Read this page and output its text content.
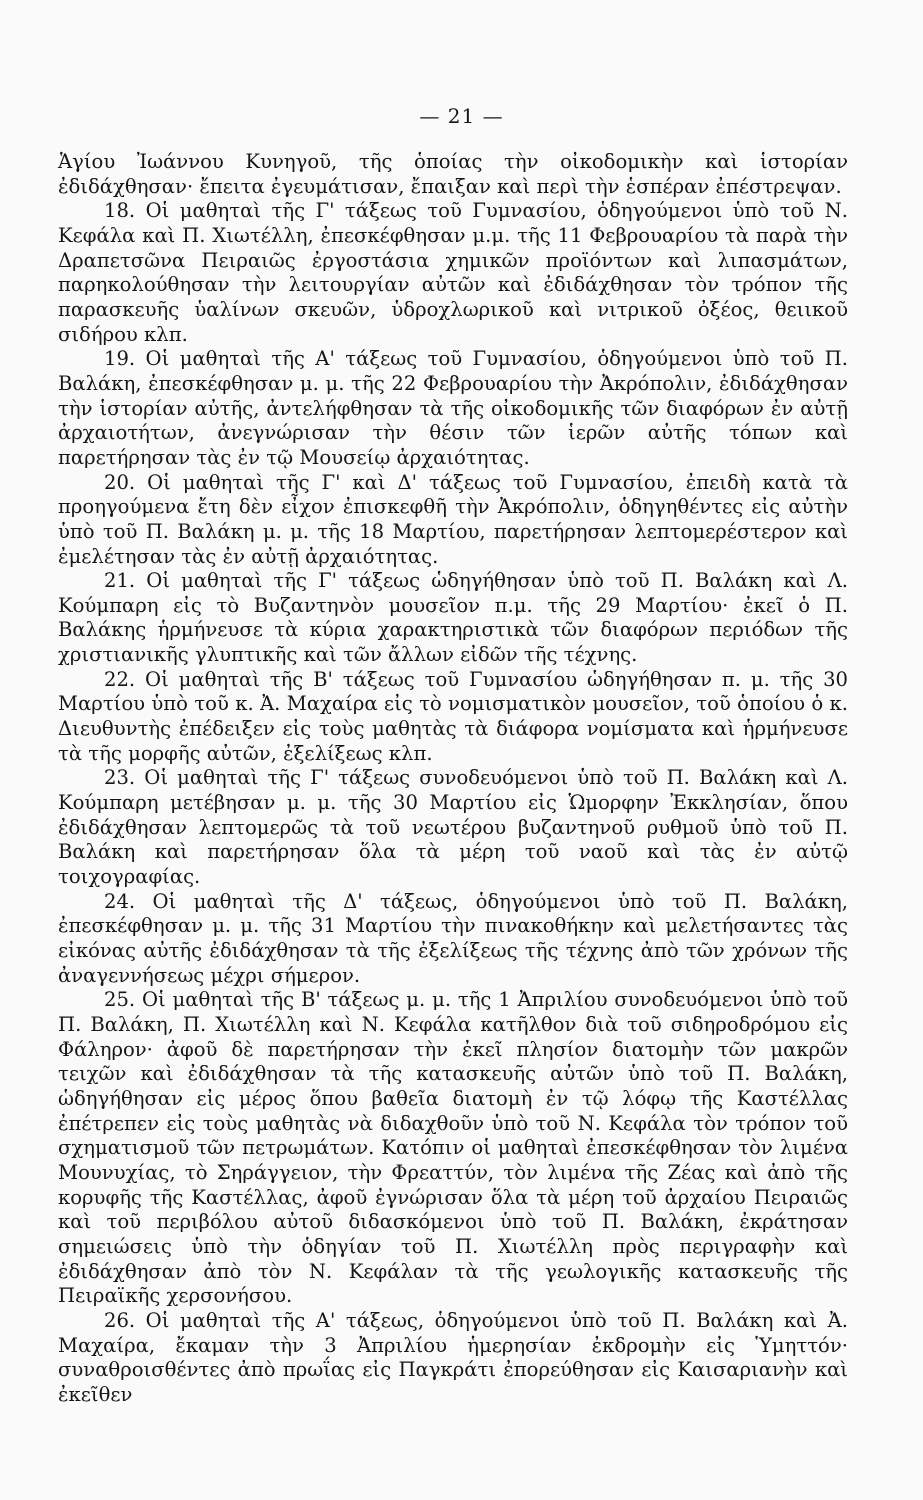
— 21 —

Ἁγίου Ἰωάννου Κυνηγοῦ, τῆς ὁποίας τὴν οἰκοδομικὴν καὶ ἱστορίαν ἐδιδάχθησαν· ἔπειτα ἐγευμάτισαν, ἔπαιξαν καὶ περὶ τὴν ἑσπέραν ἐπέστρεψαν.

18. Οἱ μαθηταὶ τῆς Γ' τάξεως τοῦ Γυμνασίου, ὁδηγούμενοι ὑπὸ τοῦ Ν. Κεφάλα καὶ Π. Χιωτέλλη, ἐπεσκέφθησαν μ.μ. τῆς 11 Φεβρουαρίου τὰ παρὰ τὴν Δραπετσῶνα Πειραιῶς ἐργοστάσια χημικῶν προϊόντων καὶ λιπασμάτων, παρηκολούθησαν τὴν λειτουργίαν αὐτῶν καὶ ἐδιδάχθησαν τὸν τρόπον τῆς παρασκευῆς ὑαλίνων σκευῶν, ὑδροχλωρικοῦ καὶ νιτρικοῦ ὀξέος, θειικοῦ σιδήρου κλπ.

19. Οἱ μαθηταὶ τῆς Α' τάξεως τοῦ Γυμνασίου, ὁδηγούμενοι ὑπὸ τοῦ Π. Βαλάκη, ἐπεσκέφθησαν μ. μ. τῆς 22 Φεβρουαρίου τὴν Ἀκρόπολιν, ἐδιδάχθησαν τὴν ἱστορίαν αὐτῆς, ἀντελήφθησαν τὰ τῆς οἰκοδομικῆς τῶν διαφόρων ἐν αὐτῇ ἀρχαιοτήτων, ἀνεγνώρισαν τὴν θέσιν τῶν ἱερῶν αὐτῆς τόπων καὶ παρετήρησαν τὰς ἐν τῷ Μουσείῳ ἀρχαιότητας.

20. Οἱ μαθηταὶ τῆς Γ' καὶ Δ' τάξεως τοῦ Γυμνασίου, ἐπειδὴ κατὰ τὰ προηγούμενα ἔτη δὲν εἶχον ἐπισκεφθῆ τὴν Ἀκρόπολιν, ὁδηγηθέντες εἰς αὐτὴν ὑπὸ τοῦ Π. Βαλάκη μ. μ. τῆς 18 Μαρτίου, παρετήρησαν λεπτομερέστερον καὶ ἐμελέτησαν τὰς ἐν αὐτῇ ἀρχαιότητας.

21. Οἱ μαθηταὶ τῆς Γ' τάξεως ὡδηγήθησαν ὑπὸ τοῦ Π. Βαλάκη καὶ Λ. Κούμπαρη εἰς τὸ Βυζαντηνὸν μουσεῖον π.μ. τῆς 29 Μαρτίου· ἐκεῖ ὁ Π. Βαλάκης ἡρμήνευσε τὰ κύρια χαρακτηριστικὰ τῶν διαφόρων περιόδων τῆς χριστιανικῆς γλυπτικῆς καὶ τῶν ἄλλων εἰδῶν τῆς τέχνης.

22. Οἱ μαθηταὶ τῆς Β' τάξεως τοῦ Γυμνασίου ὡδηγήθησαν π. μ. τῆς 30 Μαρτίου ὑπὸ τοῦ κ. Ἀ. Μαχαίρα εἰς τὸ νομισματικὸν μουσεῖον, τοῦ ὁποίου ὁ κ. Διευθυντὴς ἐπέδειξεν εἰς τοὺς μαθητὰς τὰ διάφορα νομίσματα καὶ ἡρμήνευσε τὰ τῆς μορφῆς αὐτῶν, ἐξελίξεως κλπ.

23. Οἱ μαθηταὶ τῆς Γ' τάξεως συνοδευόμενοι ὑπὸ τοῦ Π. Βαλάκη καὶ Λ. Κούμπαρη μετέβησαν μ. μ. τῆς 30 Μαρτίου εἰς Ὡμορφην Ἐκκλησίαν, ὅπου ἐδιδάχθησαν λεπτομερῶς τὰ τοῦ νεωτέρου βυζαντηνοῦ ρυθμοῦ ὑπὸ τοῦ Π. Βαλάκη καὶ παρετήρησαν ὅλα τὰ μέρη τοῦ ναοῦ καὶ τὰς ἐν αὐτῷ τοιχογραφίας.

24. Οἱ μαθηταὶ τῆς Δ' τάξεως, ὁδηγούμενοι ὑπὸ τοῦ Π. Βαλάκη, ἐπεσκέφθησαν μ. μ. τῆς 31 Μαρτίου τὴν πινακοθήκην καὶ μελετήσαντες τὰς εἰκόνας αὐτῆς ἐδιδάχθησαν τὰ τῆς ἐξελίξεως τῆς τέχνης ἀπὸ τῶν χρόνων τῆς ἀναγεννήσεως μέχρι σήμερον.

25. Οἱ μαθηταὶ τῆς Β' τάξεως μ. μ. τῆς 1 Ἀπριλίου συνοδευόμενοι ὑπὸ τοῦ Π. Βαλάκη, Π. Χιωτέλλη καὶ Ν. Κεφάλα κατῆλθον διὰ τοῦ σιδηροδρόμου εἰς Φάληρον· ἀφοῦ δὲ παρετήρησαν τὴν ἐκεῖ πλησίον διατομὴν τῶν μακρῶν τειχῶν καὶ ἐδιδάχθησαν τὰ τῆς κατασκευῆς αὐτῶν ὑπὸ τοῦ Π. Βαλάκη, ὡδηγήθησαν εἰς μέρος ὅπου βαθεῖα διατομὴ ἐν τῷ λόφῳ τῆς Καστέλλας ἐπέτρεπεν εἰς τοὺς μαθητὰς νὰ διδαχθοῦν ὑπὸ τοῦ Ν. Κεφάλα τὸν τρόπον τοῦ σχηματισμοῦ τῶν πετρωμάτων. Κατόπιν οἱ μαθηταὶ ἐπεσκέφθησαν τὸν λιμένα Μουνυχίας, τὸ Σηράγγειον, τὴν Φρεαττύν, τὸν λιμένα τῆς Ζέας καὶ ἀπὸ τῆς κορυφῆς τῆς Καστέλλας, ἀφοῦ ἐγνώρισαν ὅλα τὰ μέρη τοῦ ἀρχαίου Πειραιῶς καὶ τοῦ περιβόλου αὐτοῦ διδασκόμενοι ὑπὸ τοῦ Π. Βαλάκη, ἐκράτησαν σημειώσεις ὑπὸ τὴν ὁδηγίαν τοῦ Π. Χιωτέλλη πρὸς περιγραφὴν καὶ ἐδιδάχθησαν ἀπὸ τὸν Ν. Κεφάλαν τὰ τῆς γεωλογικῆς κατασκευῆς τῆς Πειραϊκῆς χερσονήσου.

26. Οἱ μαθηταὶ τῆς Α' τάξεως, ὁδηγούμενοι ὑπὸ τοῦ Π. Βαλάκη καὶ Ἀ. Μαχαίρα, ἔκαμαν τὴν 3 Ἀπριλίου ἡμερησίαν ἐκδρομὴν εἰς Ὑμηττόν· συναθροισθέντες ἀπὸ πρωΐας εἰς Παγκράτι ἐπορεύθησαν εἰς Καισαριανὴν καὶ ἐκεῖθεν
